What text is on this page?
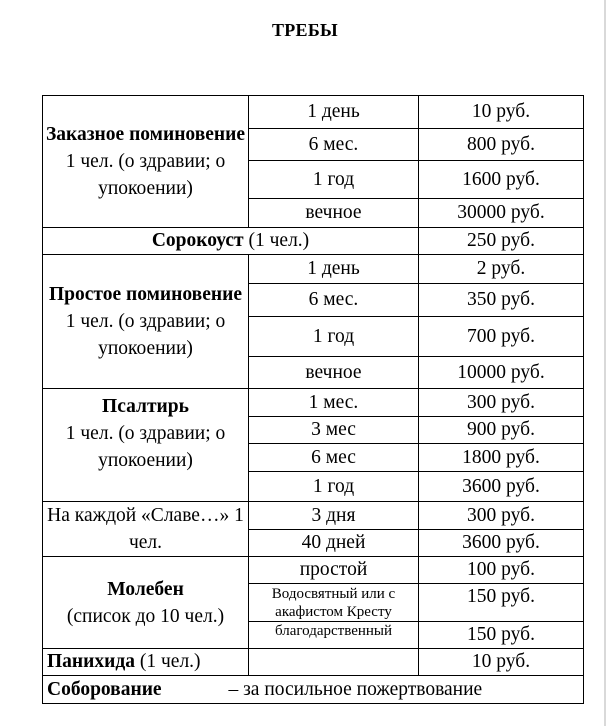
ТРЕБЫ
Заказное поминовение
1 чел. (о здравии; о упокоении)	1 день	10 руб.
	6 мес.	800 руб.
	1 год	1600 руб.
	вечное	30000 руб.
Сорокоуст (1 чел.)		250 руб.
Простое поминовение
1 чел. (о здравии; о упокоении)	1 день	2 руб.
	6 мес.	350 руб.
	1 год	700 руб.
	вечное	10000 руб.
Псалтирь
1 чел. (о здравии; о упокоении)	1 мес.	300 руб.
	3 мес	900 руб.
	6 мес	1800 руб.
	1 год	3600 руб.
На каждой «Славе…» 1 чел.	3 дня	300 руб.
	40 дней	3600 руб.
Молебен
(список до 10 чел.)	простой	100 руб.
	Водосвятный или с акафистом Кресту	150 руб.
	благодарственный	150 руб.
Панихида (1 чел.)		10 руб.
Соборование – за посильное пожертвование		
